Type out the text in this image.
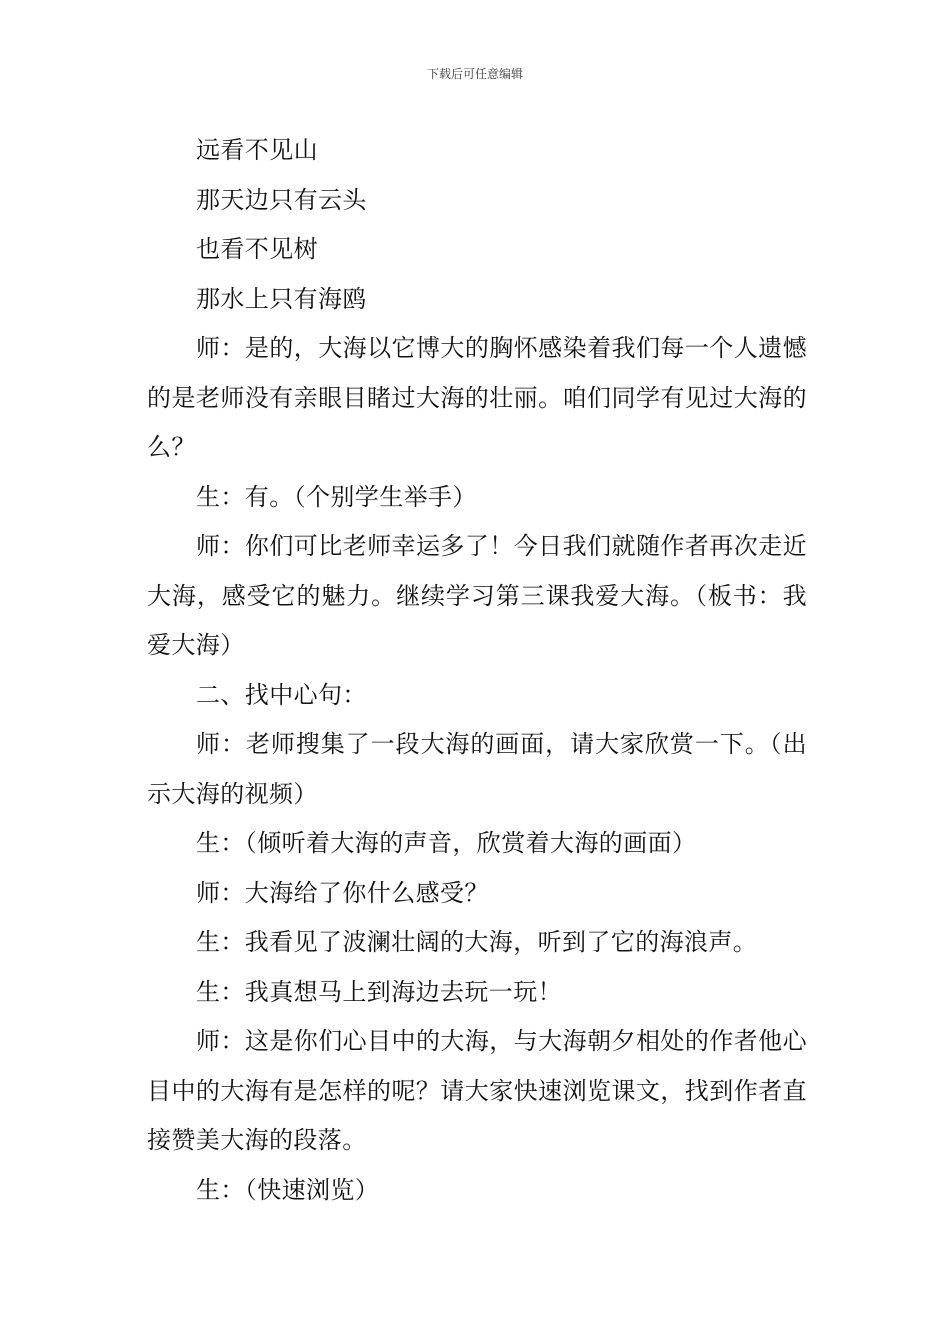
下载后可任意编辑

远看不见山

那天边只有云头

也看不见树

那水上只有海鸥

师：是的，大海以它博大的胸怀感染着我们每一个人遗憾的是老师没有亲眼目睹过大海的壮丽。咱们同学有见过大海的么？

生：有。（个别学生举手）

师：你们可比老师幸运多了！今日我们就随作者再次走近大海，感受它的魅力。继续学习第三课我爱大海。（板书：我爱大海）

二、找中心句：

师：老师搜集了一段大海的画面，请大家欣赏一下。（出示大海的视频）

生：（倾听着大海的声音，欣赏着大海的画面）

师：大海给了你什么感受？

生：我看见了波澜壮阔的大海，听到了它的海浪声。

生：我真想马上到海边去玩一玩！

师：这是你们心目中的大海，与大海朝夕相处的作者他心目中的大海有是怎样的呢？请大家快速浏览课文，找到作者直接赞美大海的段落。

生：（快速浏览）
